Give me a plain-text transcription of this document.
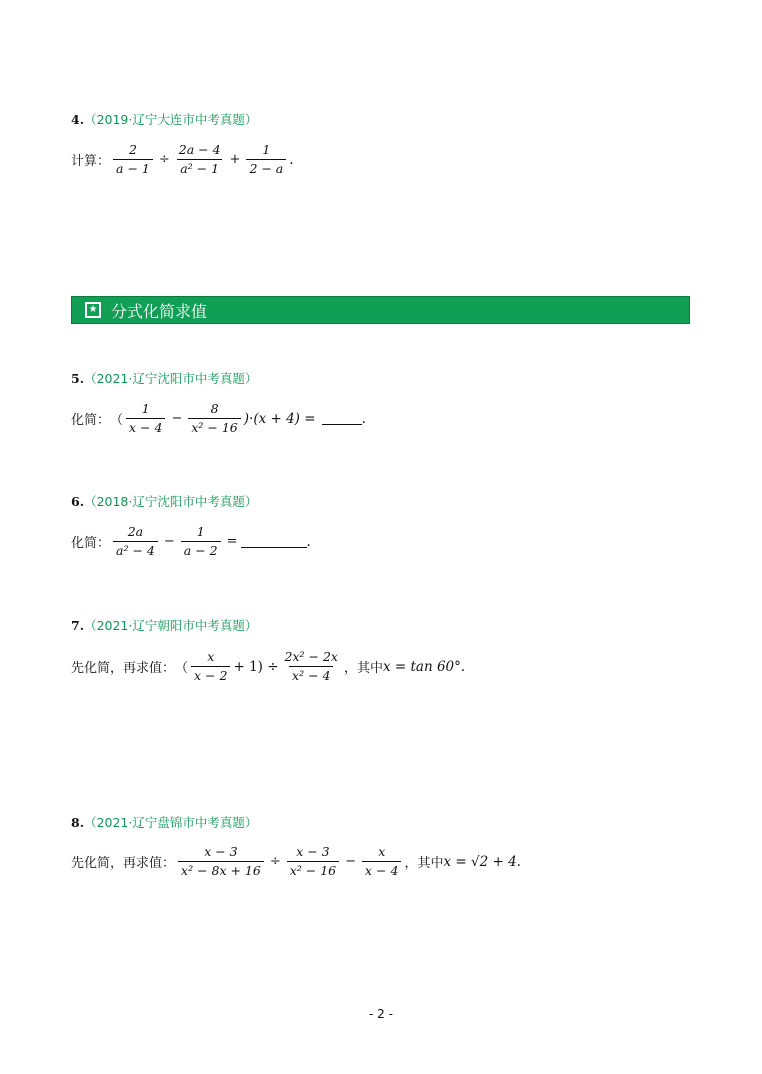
4.（2019·辽宁大连市中考真题）
计算： $\frac{2}{a - 1} \div \frac{2a - 4}{\text{a² − 1}} + \frac{1}{2 - a}$ .
★ 分式化简求值
5.（2021·辽宁沈阳市中考真题）
化简： （ $\frac{1}{x - 4} - \frac{8}{\text{x² − 16}} )\cdot(x + 4)$ =	.
6.（2018·辽宁沈阳市中考真题）
化简： $\frac{2a}{\text{a² − 4}} - \frac{1}{a - 2}$ =	.
7.（2021·辽宁朝阳市中考真题）
先化简，再求值： （ $\frac{x}{x - 2} + 1) \div \frac{\text{2x² − 2x}}{\text{x² − 4}}$ ，其中 x = tan 60° .
8.（2021·辽宁盘锦市中考真题）
先化简，再求值： $\frac{x - 3}{\text{x² − 8x + 16}} \div \frac{x - 3}{\text{x² − 16}} - \frac{x}{x - 4}$ ，其中 x = √2 + 4 .
- 2 -
